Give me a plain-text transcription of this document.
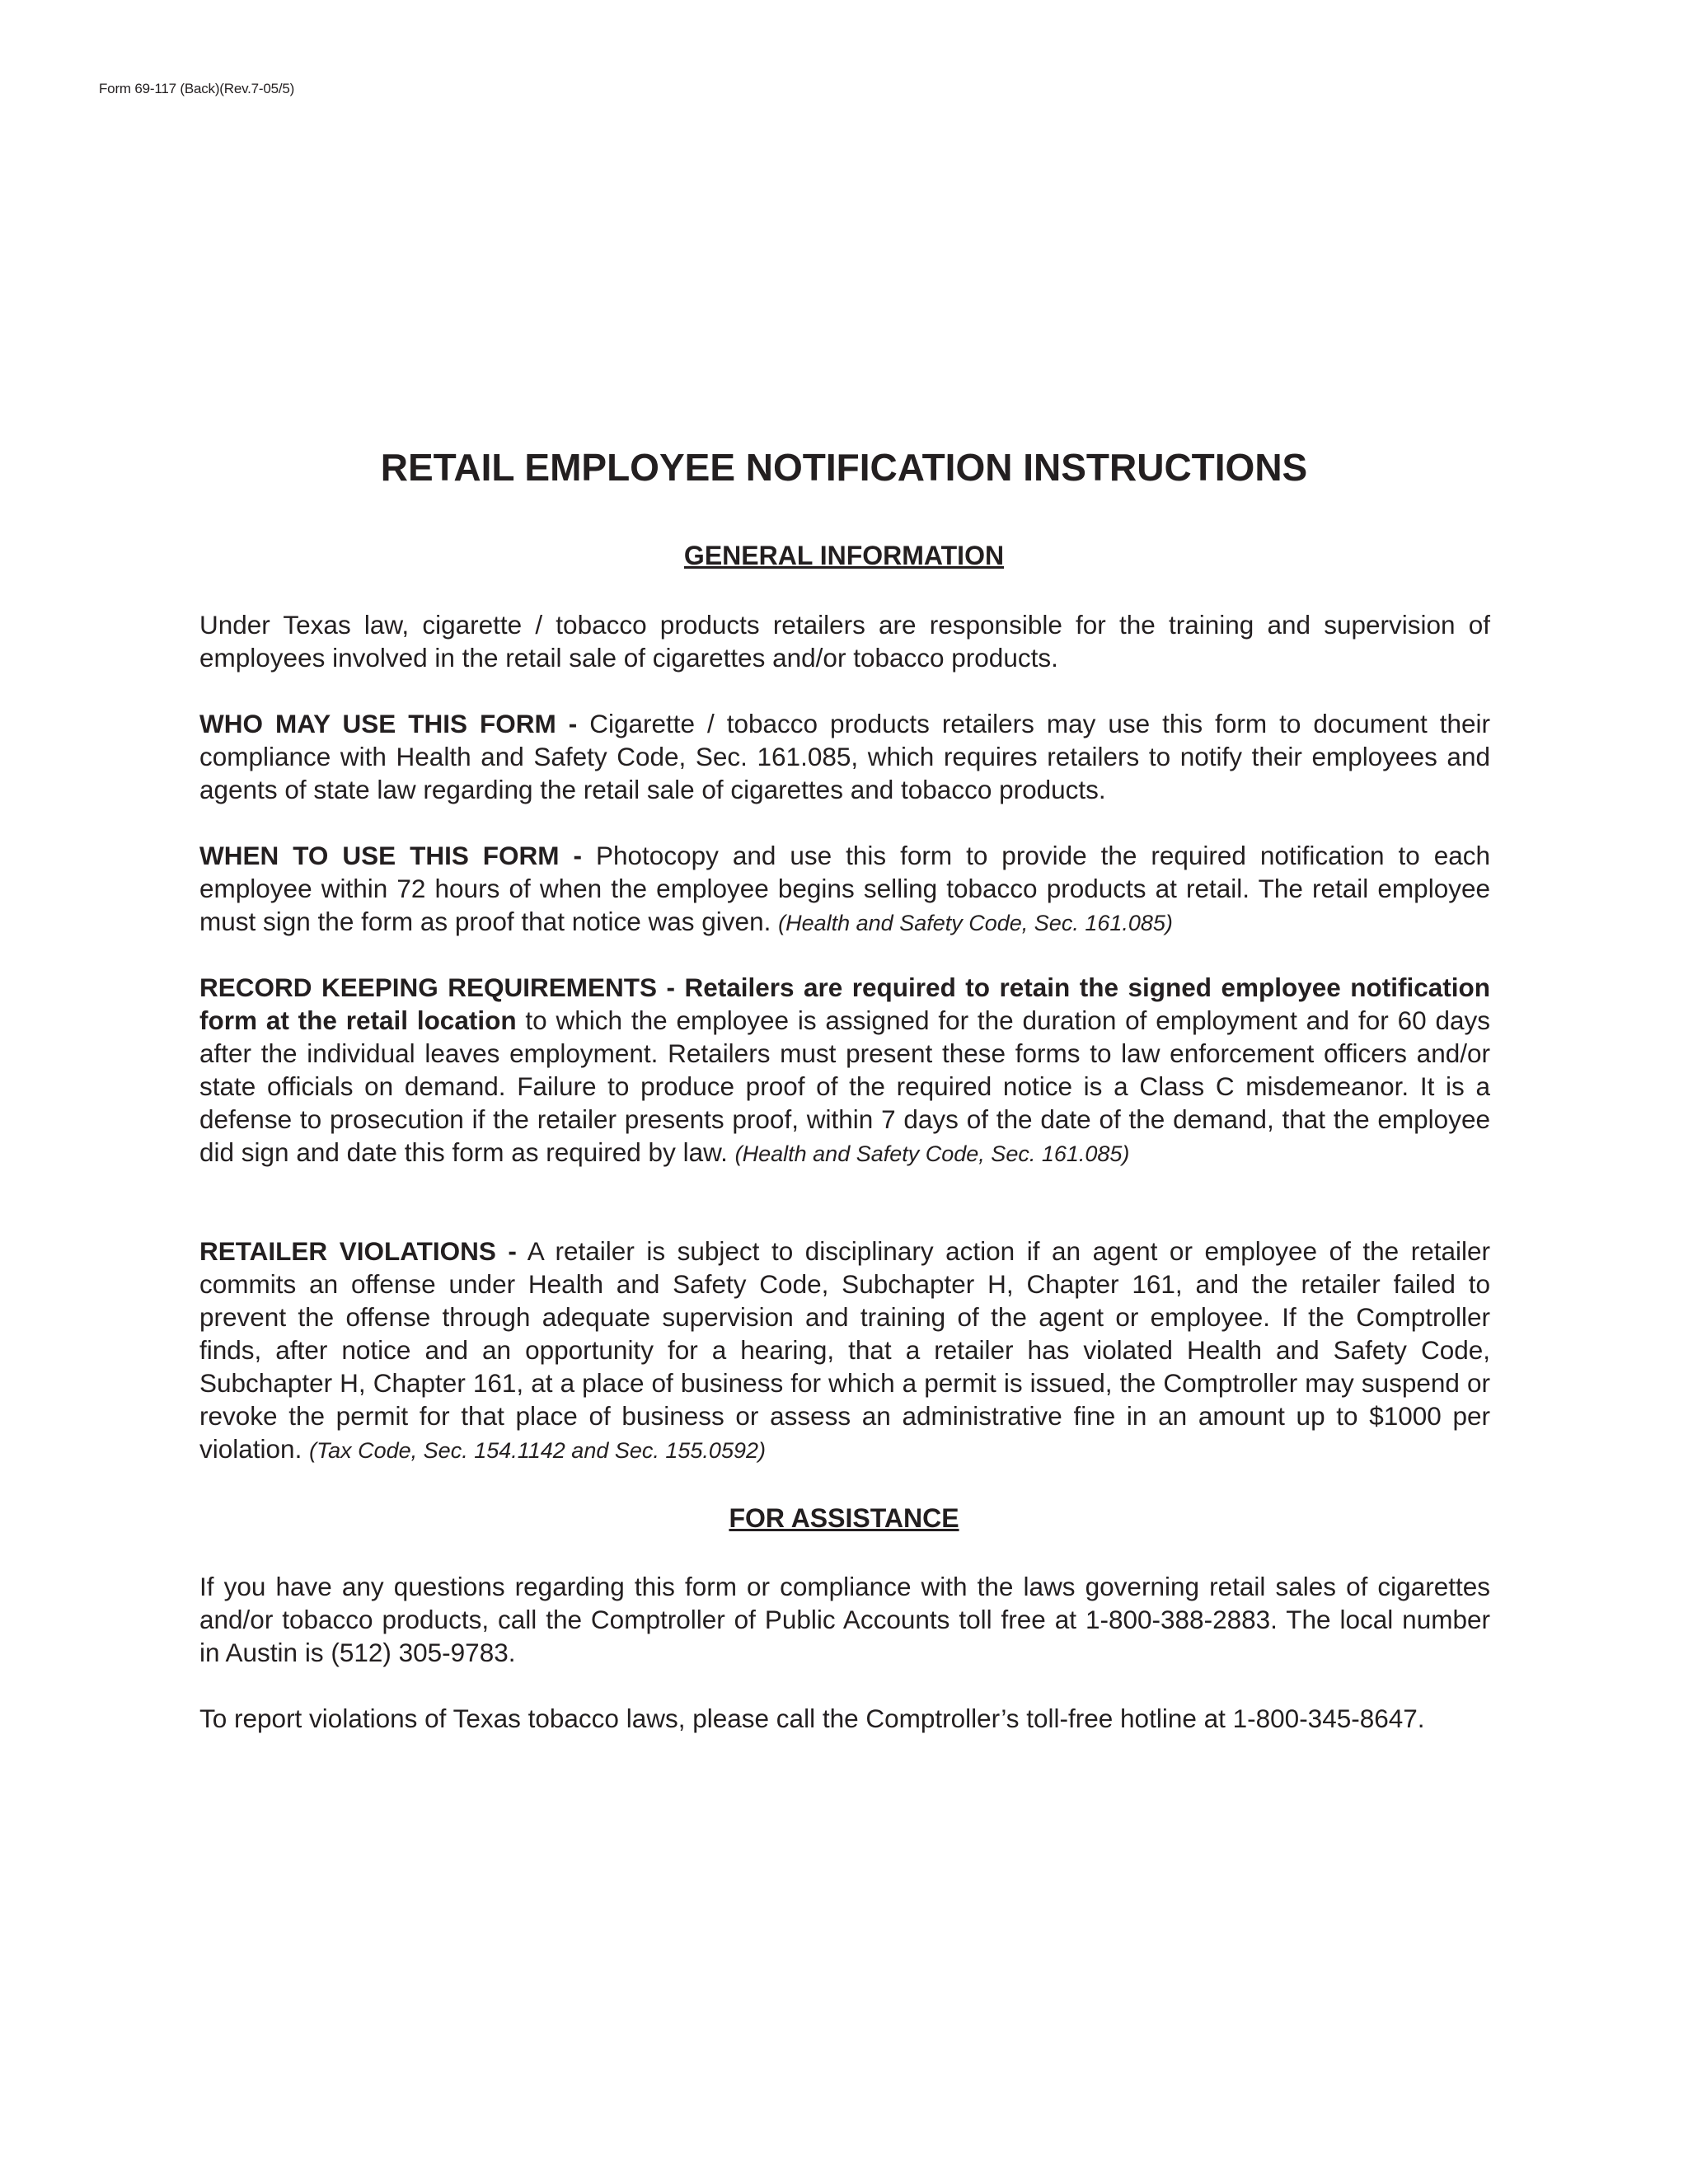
Form 69-117 (Back)(Rev.7-05/5)
RETAIL EMPLOYEE NOTIFICATION INSTRUCTIONS
GENERAL INFORMATION

Under Texas law, cigarette / tobacco products retailers are responsible for the training and supervision of employees involved in the retail sale of cigarettes and/or tobacco products.

WHO MAY USE THIS FORM - Cigarette / tobacco products retailers may use this form to document their compliance with Health and Safety Code, Sec. 161.085, which requires retailers to notify their employees and agents of state law regarding the retail sale of cigarettes and tobacco products.

WHEN TO USE THIS FORM - Photocopy and use this form to provide the required notification to each employee within 72 hours of when the employee begins selling tobacco products at retail. The retail employee must sign the form as proof that notice was given. (Health and Safety Code, Sec. 161.085)

RECORD KEEPING REQUIREMENTS - Retailers are required to retain the signed employee notification form at the retail location to which the employee is assigned for the duration of employment and for 60 days after the individual leaves employment. Retailers must present these forms to law enforcement officers and/or state officials on demand. Failure to produce proof of the required notice is a Class C misdemeanor. It is a defense to prosecution if the retailer presents proof, within 7 days of the date of the demand, that the employee did sign and date this form as required by law. (Health and Safety Code, Sec. 161.085)

RETAILER VIOLATIONS - A retailer is subject to disciplinary action if an agent or employee of the retailer commits an offense under Health and Safety Code, Subchapter H, Chapter 161, and the retailer failed to prevent the offense through adequate supervision and training of the agent or employee. If the Comptroller finds, after notice and an opportunity for a hearing, that a retailer has violated Health and Safety Code, Subchapter H, Chapter 161, at a place of business for which a permit is issued, the Comptroller may suspend or revoke the permit for that place of business or assess an administrative fine in an amount up to $1000 per violation. (Tax Code, Sec. 154.1142 and Sec. 155.0592)

FOR ASSISTANCE

If you have any questions regarding this form or compliance with the laws governing retail sales of cigarettes and/or tobacco products, call the Comptroller of Public Accounts toll free at 1-800-388-2883. The local number in Austin is (512) 305-9783.

To report violations of Texas tobacco laws, please call the Comptroller’s toll-free hotline at 1-800-345-8647.
